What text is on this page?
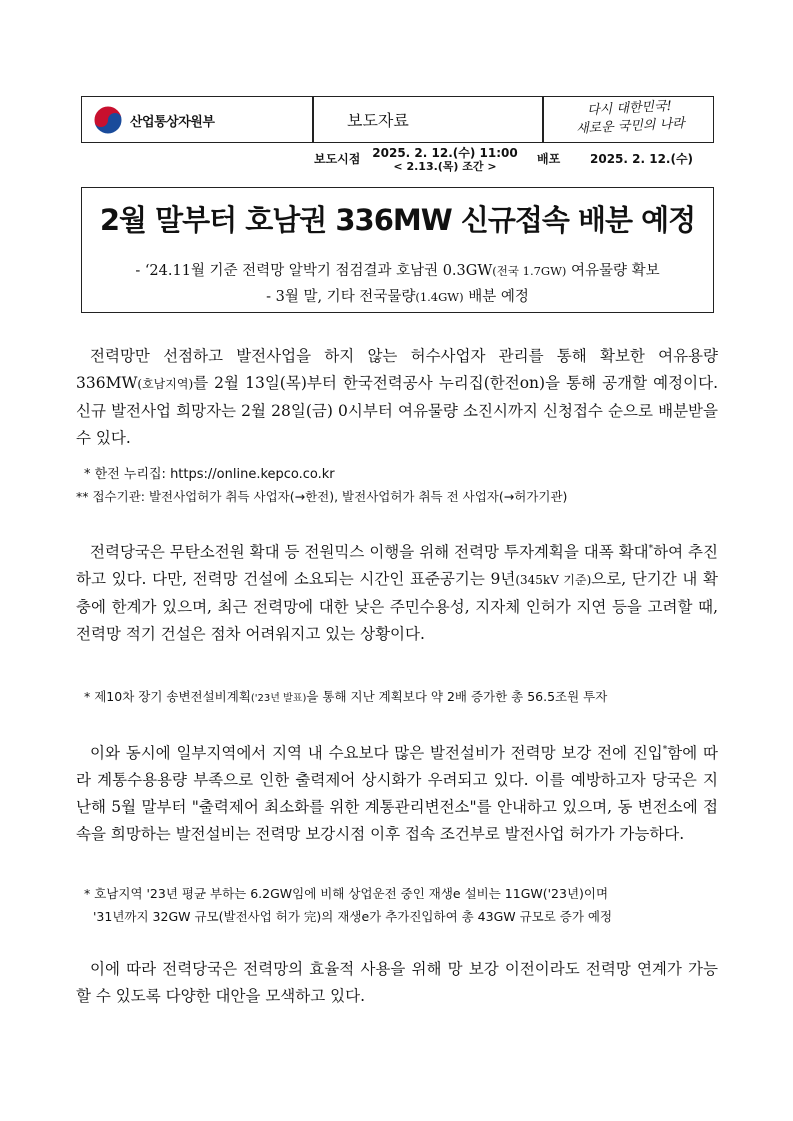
산업통상자원부	보도자료
다시 대한민국!
새로운 국민의 나라
보도시점 2025. 2. 12.(수) 11:00
< 2.13.(목) 조간 >
배포 2025. 2. 12.(수)
2월 말부터 호남권 336MW 신규접속 배분 예정
- ‘24.11월 기준 전력망 알박기 점검결과 호남권 0.3GW(전국 1.7GW) 여유물량 확보
- 3월 말, 기타 전국물량(1.4GW) 배분 예정
전력망만 선점하고 발전사업을 하지 않는 허수사업자 관리를 통해 확보한 여유용량 336MW(호남지역)를 2월 13일(목)부터 한국전력공사 누리집(한전on)을 통해 공개할 예정이다. 신규 발전사업 희망자는 2월 28일(금) 0시부터 여유물량 소진시까지 신청접수 순으로 배분받을 수 있다.
* 한전 누리집: https://online.kepco.co.kr
** 접수기관: 발전사업허가 취득 사업자(→한전), 발전사업허가 취득 전 사업자(→허가기관)
전력당국은 무탄소전원 확대 등 전원믹스 이행을 위해 전력망 투자계획을 대폭 확대*하여 추진하고 있다. 다만, 전력망 건설에 소요되는 시간인 표준공기는 9년(345kV 기준)으로, 단기간 내 확충에 한계가 있으며, 최근 전력망에 대한 낮은 주민수용성, 지자체 인허가 지연 등을 고려할 때, 전력망 적기 건설은 점차 어려워지고 있는 상황이다.
* 제10차 장기 송변전설비계획('23년 발표)을 통해 지난 계획보다 약 2배 증가한 총 56.5조원 투자
이와 동시에 일부지역에서 지역 내 수요보다 많은 발전설비가 전력망 보강 전에 진입*함에 따라 계통수용용량 부족으로 인한 출력제어 상시화가 우려되고 있다. 이를 예방하고자 당국은 지난해 5월 말부터 "출력제어 최소화를 위한 계통관리변전소"를 안내하고 있으며, 동 변전소에 접속을 희망하는 발전설비는 전력망 보강시점 이후 접속 조건부로 발전사업 허가가 가능하다.
* 호남지역 '23년 평균 부하는 6.2GW임에 비해 상업운전 중인 재생e 설비는 11GW('23년)이며
'31년까지 32GW 규모(발전사업 허가 完)의 재생e가 추가진입하여 총 43GW 규모로 증가 예정
이에 따라 전력당국은 전력망의 효율적 사용을 위해 망 보강 이전이라도 전력망 연계가 가능할 수 있도록 다양한 대안을 모색하고 있다.
